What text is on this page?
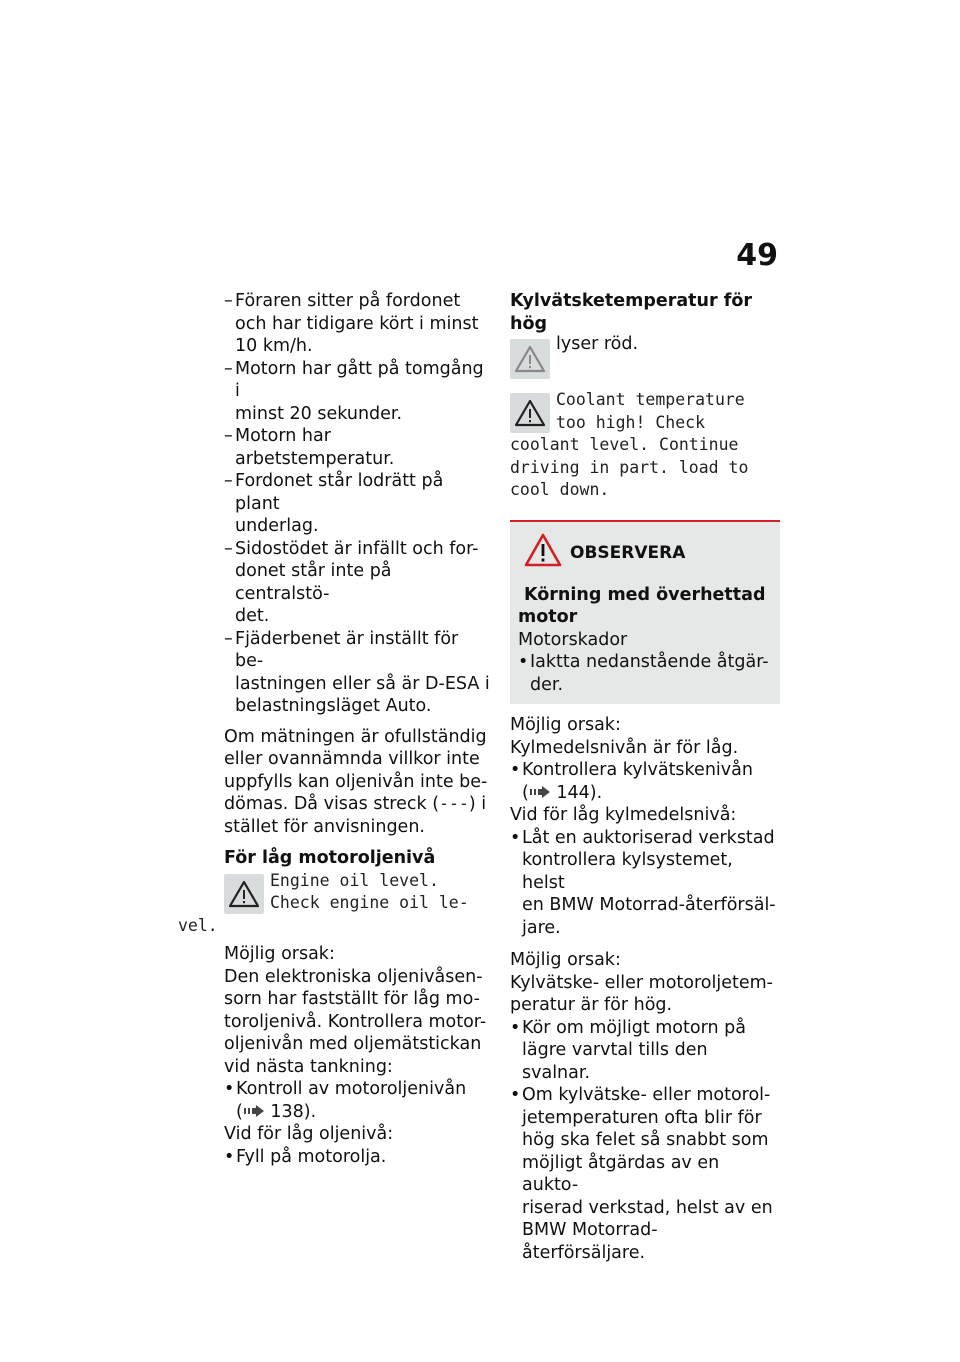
49
– Föraren sitter på fordonet
och har tidigare kört i minst
10 km/h.
– Motorn har gått på tomgång i
minst 20 sekunder.
– Motorn har arbetstemperatur.
– Fordonet står lodrätt på plant
underlag.
– Sidostödet är infällt och for-
donet står inte på centralstö-
det.
– Fjäderbenet är inställt för be-
lastningen eller så är D-ESA i
belastningsläget Auto.
Om mätningen är ofullständig
eller ovannämnda villkor inte
uppfylls kan oljenivån inte be-
dömas. Då visas streck (---) i
stället för anvisningen.
För låg motoroljenivå
Engine oil level.
Check engine oil le-
vel.
Möjlig orsak:
Den elektroniska oljenivåsen-
sorn har fastställt för låg mo-
toroljenivå. Kontrollera motor-
oljenivån med oljemätstickan
vid nästa tankning:
• Kontroll av motoroljenivån
( 138).
Vid för låg oljenivå:
• Fyll på motorolja.
Kylvätsketemperatur för hög
lyser röd.
Coolant temperature
too high! Check
coolant level. Continue
driving in part. load to
cool down.
OBSERVERA
Körning med överhettad
motor
Motorskador
• Iaktta nedanstående åtgär-
der.
Möjlig orsak:
Kylmedelsnivån är för låg.
• Kontrollera kylvätskenivån
( 144).
Vid för låg kylmedelsnivå:
• Låt en auktoriserad verkstad
kontrollera kylsystemet, helst
en BMW Motorrad-återförsäl-
jare.
Möjlig orsak:
Kylvätske- eller motoroljetem-
peratur är för hög.
• Kör om möjligt motorn på
lägre varvtal tills den svalnar.
• Om kylvätske- eller motorol-
jetemperaturen ofta blir för
hög ska felet så snabbt som
möjligt åtgärdas av en aukto-
riserad verkstad, helst av en
BMW Motorrad-återförsäljare.
